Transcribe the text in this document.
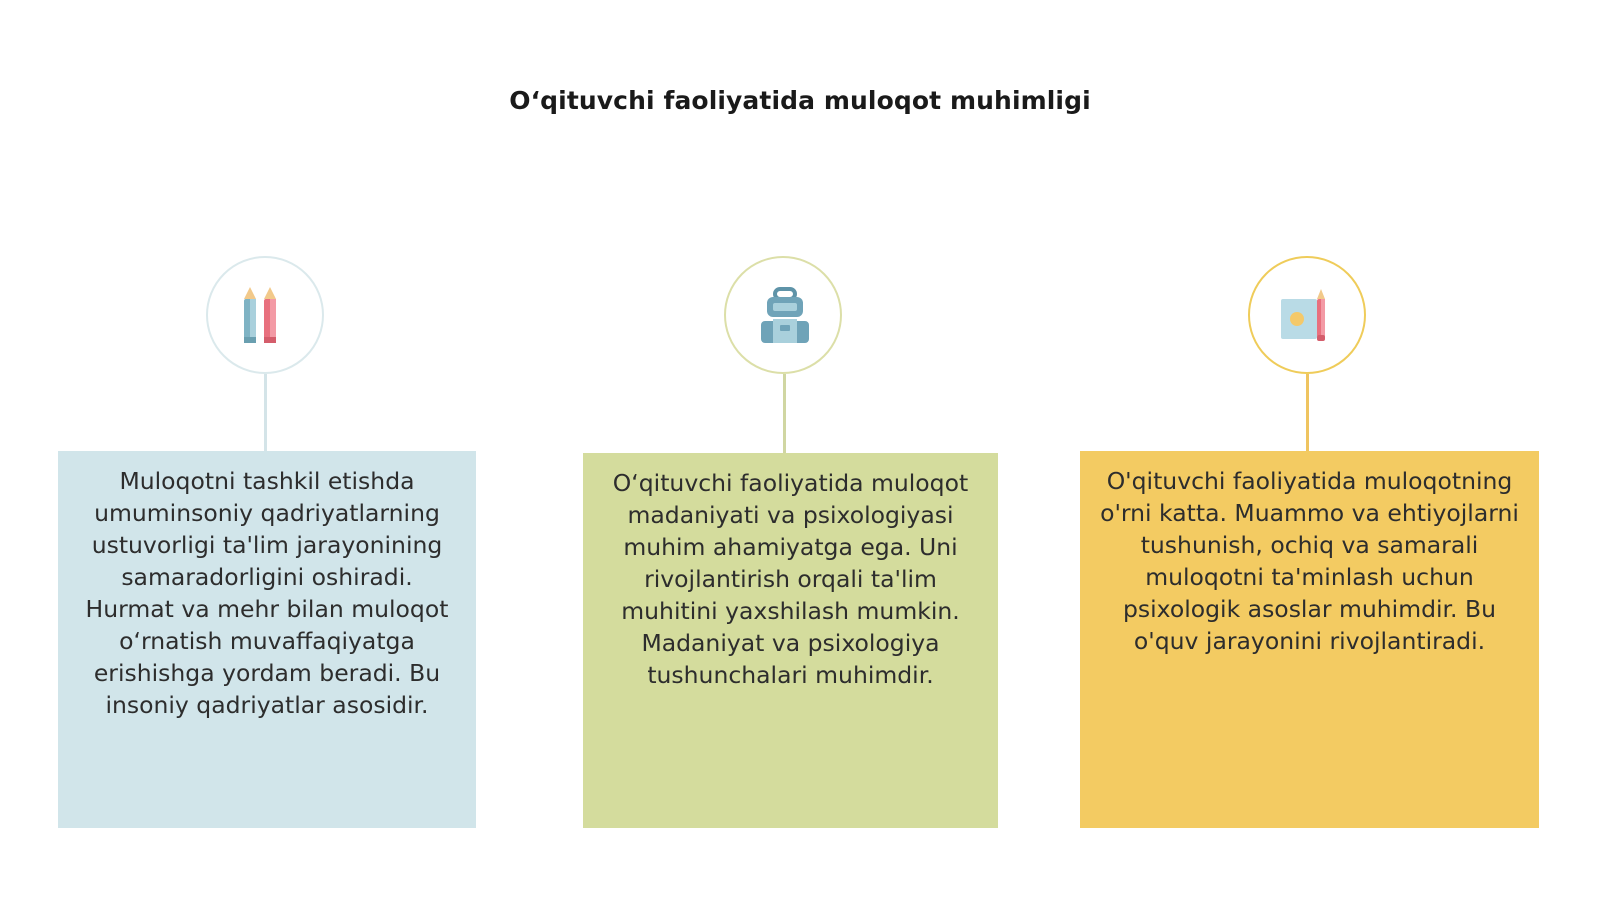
O‘qituvchi faoliyatida muloqot muhimligi
Muloqotni tashkil etishda umuminsoniy qadriyatlarning ustuvorligi ta'lim jarayonining samaradorligini oshiradi. Hurmat va mehr bilan muloqot o‘rnatish muvaffaqiyatga erishishga yordam beradi. Bu insoniy qadriyatlar asosidir.
O‘qituvchi faoliyatida muloqot madaniyati va psixologiyasi muhim ahamiyatga ega. Uni rivojlantirish orqali ta'lim muhitini yaxshilash mumkin. Madaniyat va psixologiya tushunchalari muhimdir.
O'qituvchi faoliyatida muloqotning o'rni katta. Muammo va ehtiyojlarni tushunish, ochiq va samarali muloqotni ta'minlash uchun psixologik asoslar muhimdir. Bu o'quv jarayonini rivojlantiradi.
